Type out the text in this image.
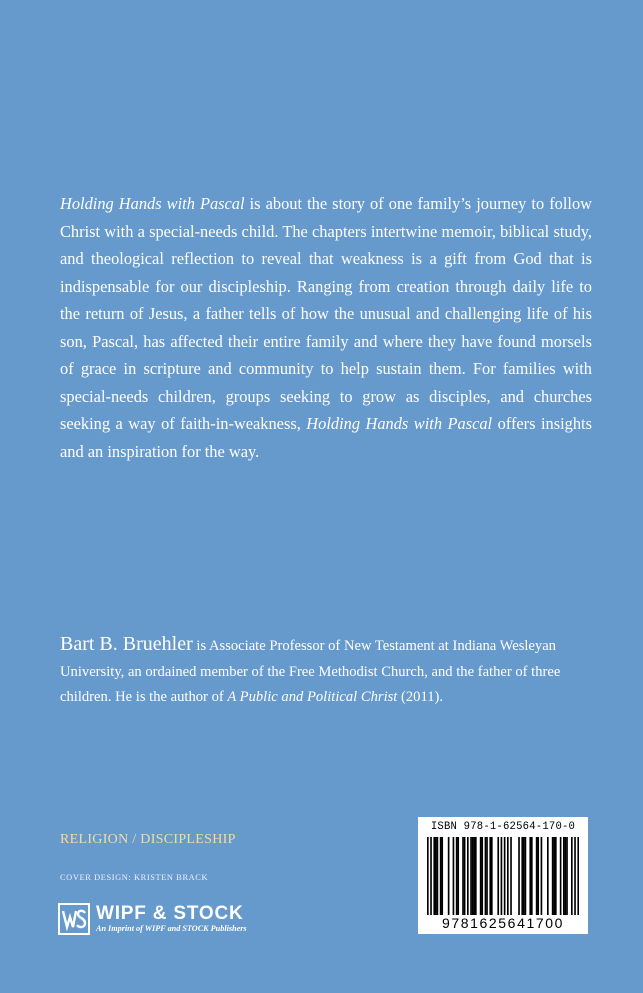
Holding Hands with Pascal is about the story of one family’s journey to follow Christ with a special-needs child. The chapters intertwine memoir, biblical study, and theological reflection to reveal that weakness is a gift from God that is indispensable for our discipleship. Ranging from creation through daily life to the return of Jesus, a father tells of how the unusual and challenging life of his son, Pascal, has affected their entire family and where they have found morsels of grace in scripture and community to help sustain them. For families with special-needs children, groups seeking to grow as disciples, and churches seeking a way of faith-in-weakness, Holding Hands with Pascal offers insights and an inspiration for the way.

Bart B. Bruehler is Associate Professor of New Testament at Indiana Wesleyan University, an ordained member of the Free Methodist Church, and the father of three children. He is the author of A Public and Political Christ (2011).
RELIGION / DISCIPLESHIP
COVER DESIGN: KRISTEN BRACK
WIPF & STOCK
An Imprint of WIPF and STOCK Publishers
ISBN 978-1-62564-170-0
9781625641700
